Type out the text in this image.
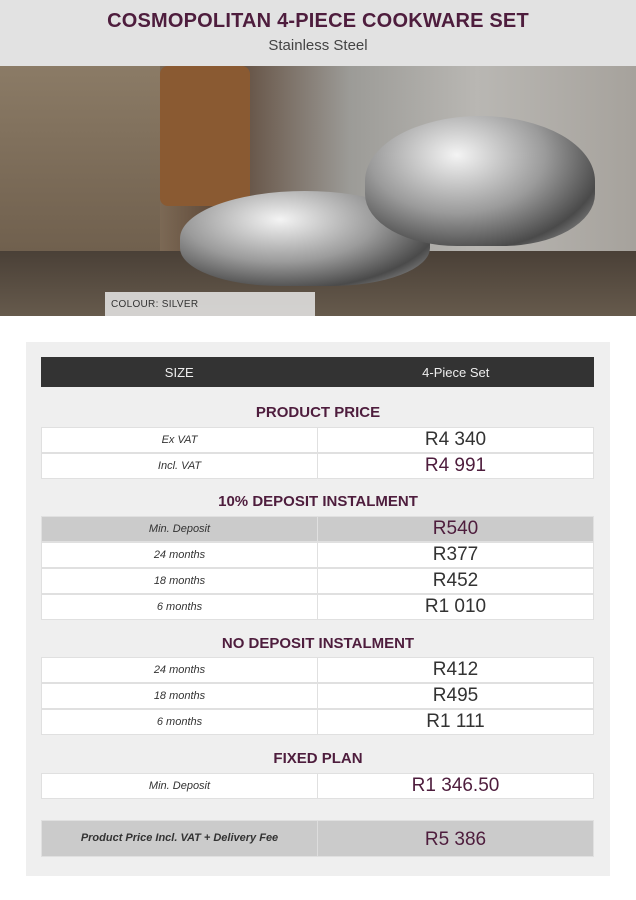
COSMOPOLITAN 4-PIECE COOKWARE SET

Stainless Steel

COLOUR: SILVER
SIZE	4-Piece Set
PRODUCT PRICE
Ex VAT	R4 340
Incl. VAT	R4 991
10% DEPOSIT INSTALMENT
Min. Deposit	R540
24 months	R377
18 months	R452
6 months	R1 010
NO DEPOSIT INSTALMENT
24 months	R412
18 months	R495
6 months	R1 111
FIXED PLAN
Min. Deposit	R1 346.50
Product Price Incl. VAT + Delivery Fee	R5 386
